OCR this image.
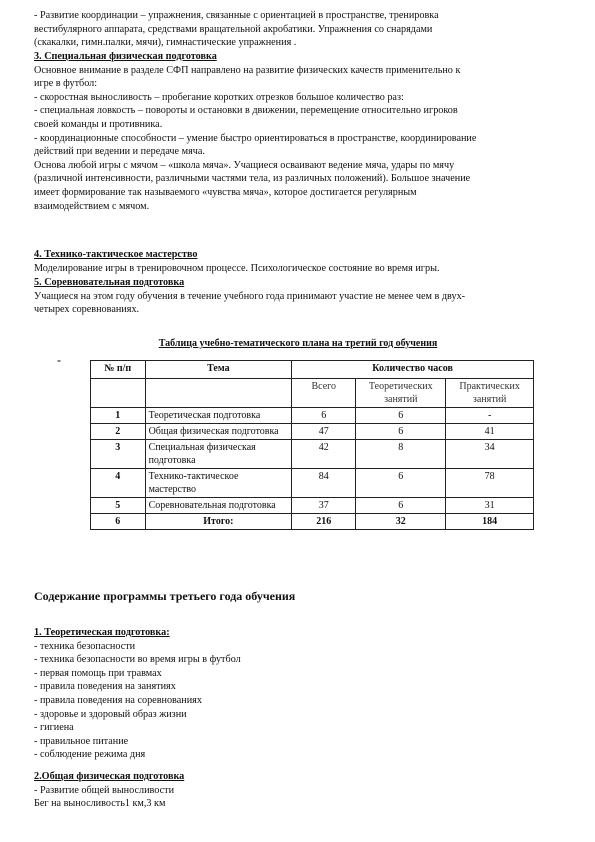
- Развитие координации – упражнения, связанные с ориентацией в пространстве, тренировка
вестибулярного аппарата, средствами вращательной акробатики. Упражнения со снарядами
(скакалки, гимн.палки, мячи), гимнастические упражнения .
3. Специальная физическая подготовка
Основное внимание в разделе СФП направлено на развитие физических качеств применительно к
игре в футбол:
- скоростная выносливость – пробегание коротких отрезков большое количество раз:
- специальная ловкость – повороты и остановки в движении, перемещение относительно игроков
своей команды и противника.
- координационные способности – умение быстро ориентироваться в пространстве, координирование
действий при ведении и передаче мяча.
Основа любой игры с мячом – «школа мяча». Учащиеся осваивают ведение мяча, удары по мячу
(различной интенсивности, различными частями тела, из различных положений). Большое значение
имеет формирование так называемого «чувства мяча», которое достигается регулярным
взаимодействием с мячом.
4. Технико-тактическое мастерство
Моделирование игры в тренировочном процессе. Психологическое состояние во время игры.
5. Соревновательная подготовка
Учащиеся на этом году обучения в течение учебного года принимают участие не менее чем в двух-
четырех соревнованиях.
Таблица учебно-тематического плана на третий год обучения
-
№ п/п	Тема	Количество часов		
		Всего	Теоретических занятий	Практических занятий
1	Теоретическая подготовка	6	6	-
2	Общая физическая подготовка	47	6	41
3	Специальная физическая подготовка	42	8	34
4	Технико-тактическое мастерство	84	6	78
5	Соревновательная подготовка	37	6	31
6	Итого:	216	32	184
Содержание программы третьего года обучения
1. Теоретическая подготовка:
- техника безопасности
- техника безопасности во время игры в футбол
- первая помощь при травмах
- правила поведения на занятиях
- правила поведения на соревнованиях
- здоровье и здоровый образ жизни
- гигиена
- правильное питание
- соблюдение режима дня
2.Общая физическая подготовка
- Развитие общей выносливости
Бег на выносливость1 км,3 км
